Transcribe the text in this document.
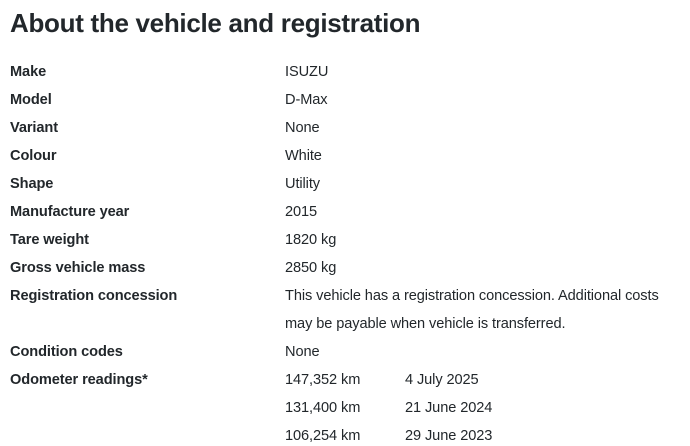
About the vehicle and registration
Make	ISUZU
Model	D-Max
Variant	None
Colour	White
Shape	Utility
Manufacture year	2015
Tare weight	1820 kg
Gross vehicle mass	2850 kg
Registration concession	This vehicle has a registration concession. Additional costs may be payable when vehicle is transferred.
Condition codes	None
Odometer readings*	147,352 km	4 July 2025
131,400 km	21 June 2024
106,254 km	29 June 2023
